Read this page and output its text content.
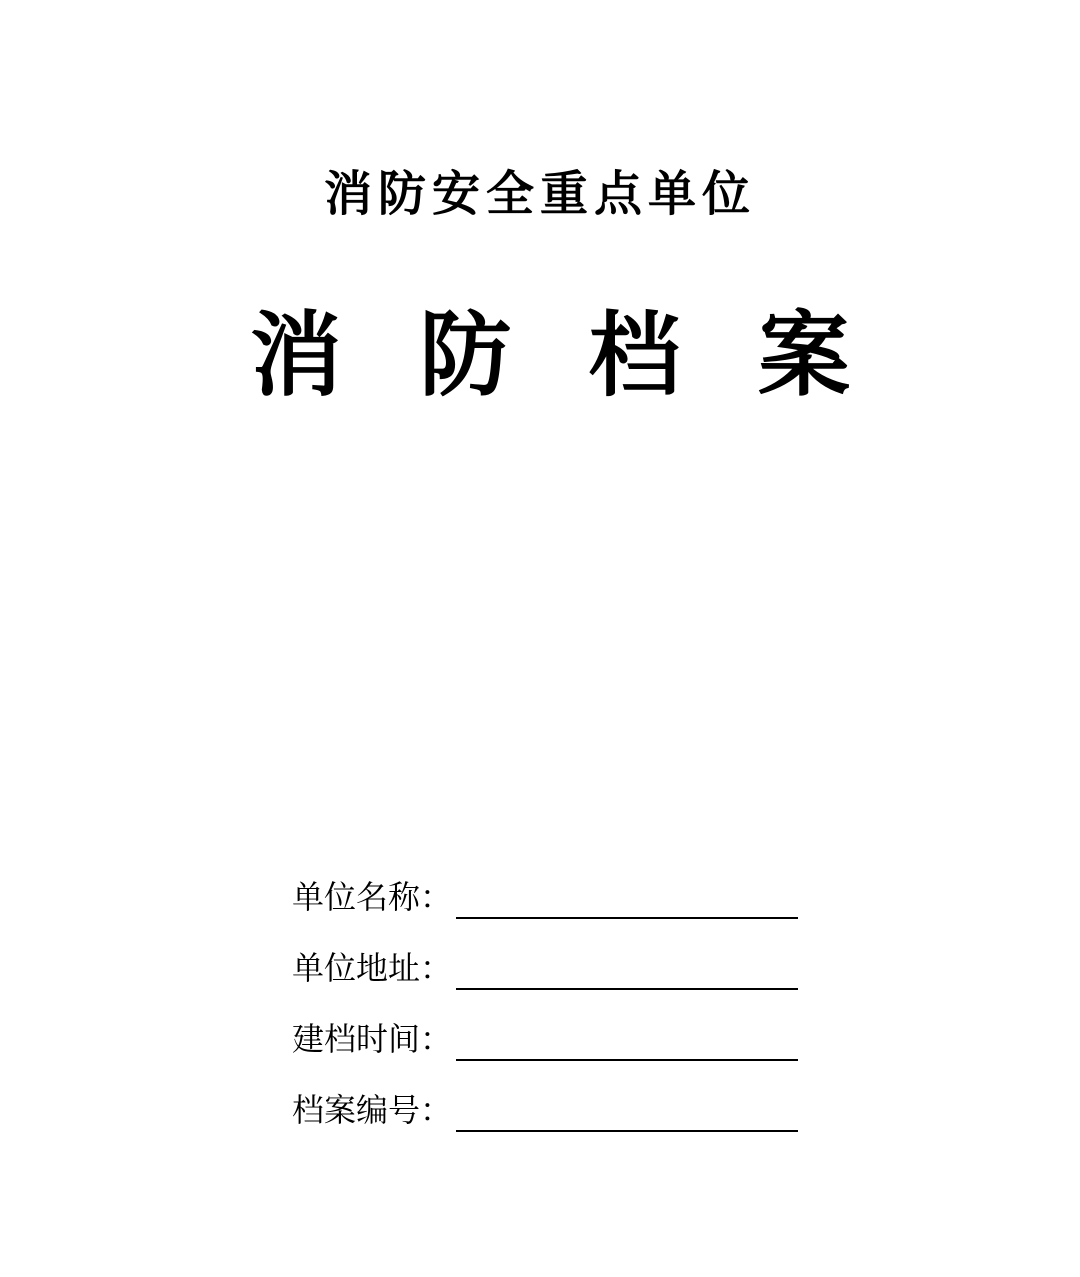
消防安全重点单位
消 防 档 案
单位名称：
单位地址：
建档时间：
档案编号：
